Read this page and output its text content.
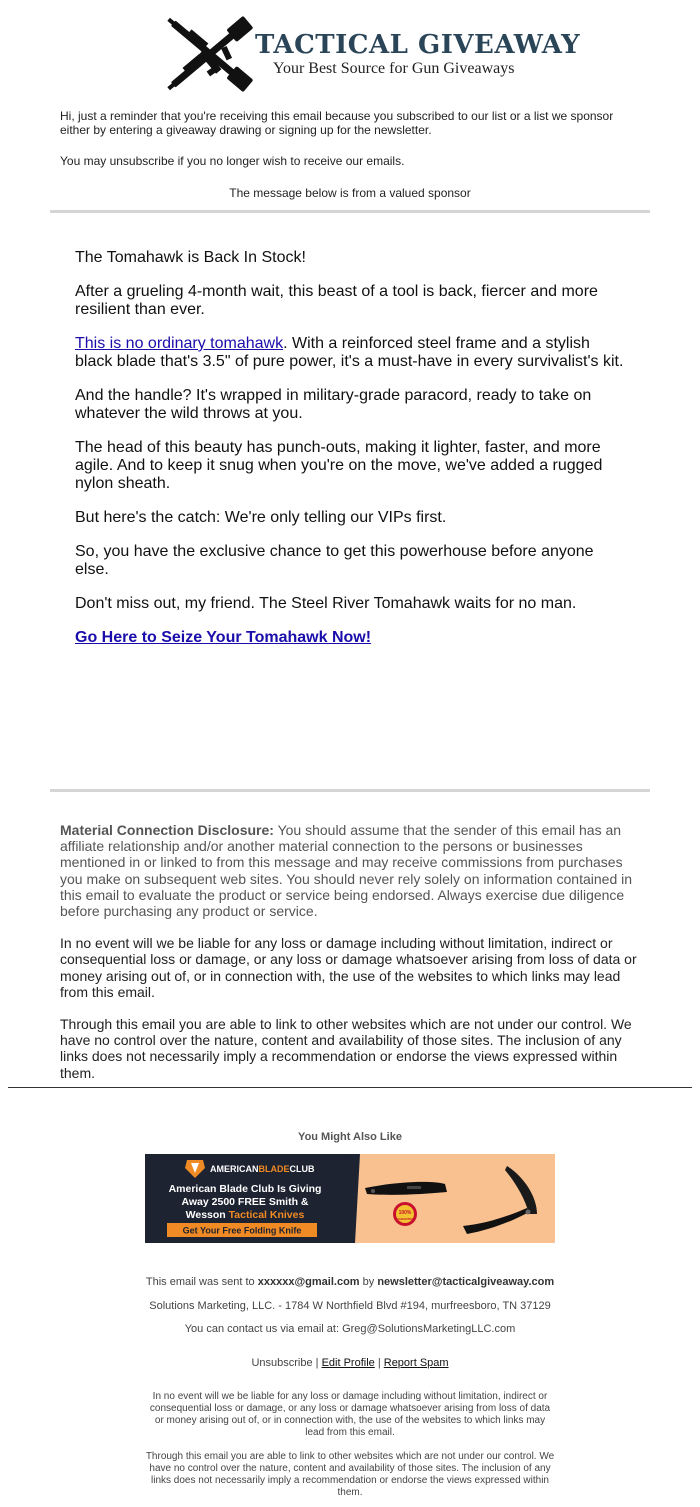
TACTICAL GIVEAWAY
Your Best Source for Gun Giveaways
Hi, just a reminder that you're receiving this email because you subscribed to our list or a list we sponsor either by entering a giveaway drawing or signing up for the newsletter.
You may unsubscribe if you no longer wish to receive our emails.
The message below is from a valued sponsor

The Tomahawk is Back In Stock!

After a grueling 4-month wait, this beast of a tool is back, fiercer and more resilient than ever.

This is no ordinary tomahawk. With a reinforced steel frame and a stylish black blade that's 3.5" of pure power, it's a must-have in every survivalist's kit.

And the handle? It's wrapped in military-grade paracord, ready to take on whatever the wild throws at you.

The head of this beauty has punch-outs, making it lighter, faster, and more agile. And to keep it snug when you're on the move, we've added a rugged nylon sheath.

But here's the catch: We're only telling our VIPs first.

So, you have the exclusive chance to get this powerhouse before anyone else.

Don't miss out, my friend. The Steel River Tomahawk waits for no man.

Go Here to Seize Your Tomahawk Now!

Material Connection Disclosure: You should assume that the sender of this email has an affiliate relationship and/or another material connection to the persons or businesses mentioned in or linked to from this message and may receive commissions from purchases you make on subsequent web sites. You should never rely solely on information contained in this email to evaluate the product or service being endorsed. Always exercise due diligence before purchasing any product or service.

In no event will we be liable for any loss or damage including without limitation, indirect or consequential loss or damage, or any loss or damage whatsoever arising from loss of data or money arising out of, or in connection with, the use of the websites to which links may lead from this email.

Through this email you are able to link to other websites which are not under our control. We have no control over the nature, content and availability of those sites. The inclusion of any links does not necessarily imply a recommendation or endorse the views expressed within them.

You Might Also Like
AMERICANBLADECLUB
American Blade Club Is Giving
Away 2500 FREE Smith &
Wesson Tactical Knives
Get Your Free Folding Knife
100%
GUARANTEED
This email was sent to xxxxxx@gmail.com by newsletter@tacticalgiveaway.com
Solutions Marketing, LLC. - 1784 W Northfield Blvd #194, murfreesboro, TN 37129
You can contact us via email at: Greg@SolutionsMarketingLLC.com
Unsubscribe | Edit Profile | Report Spam
In no event will we be liable for any loss or damage including without limitation, indirect or consequential loss or damage, or any loss or damage whatsoever arising from loss of data or money arising out of, or in connection with, the use of the websites to which links may lead from this email.
Through this email you are able to link to other websites which are not under our control. We have no control over the nature, content and availability of those sites. The inclusion of any links does not necessarily imply a recommendation or endorse the views expressed within them.
